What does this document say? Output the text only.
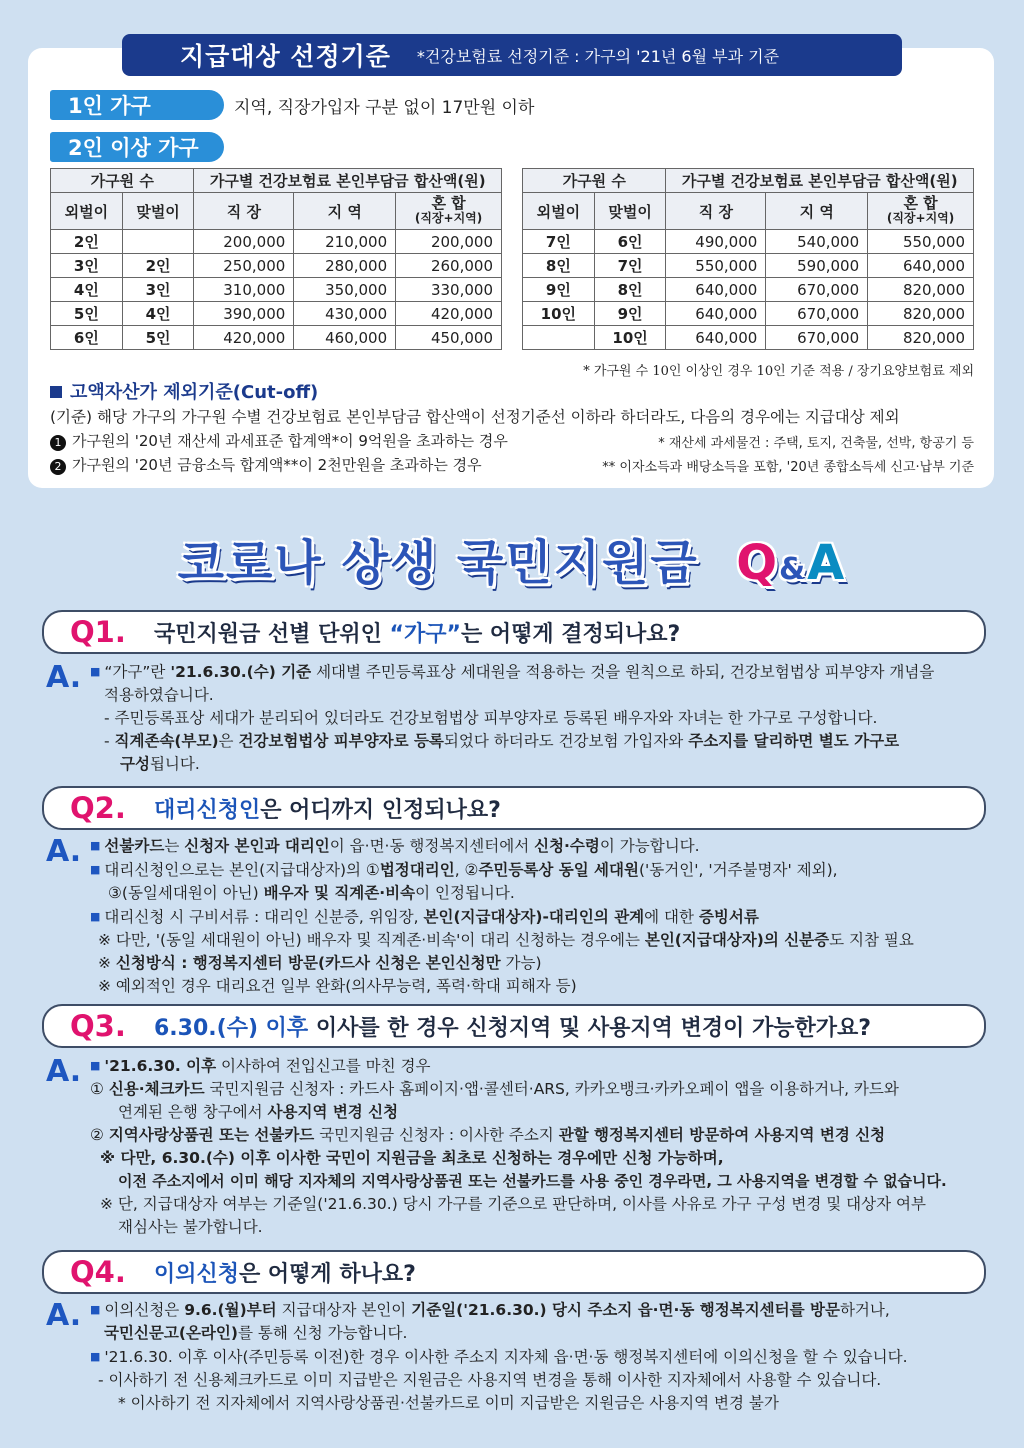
지급대상 선정기준 *건강보험료 선정기준 : 가구의 '21년 6월 부과 기준
1인 가구	지역, 직장가입자 구분 없이 17만원 이하
2인 이상 가구
가구원 수		가구별 건강보험료 본인부담금 합산액(원)		
외벌이	맞벌이	직 장	지 역	혼 합
(직장+지역)

2인		200,000	210,000	200,000
3인	2인	250,000	280,000	260,000
4인	3인	310,000	350,000	330,000
5인	4인	390,000	430,000	420,000
6인	5인	420,000	460,000	450,000
가구원 수		가구별 건강보험료 본인부담금 합산액(원)		
외벌이	맞벌이	직 장	지 역	혼 합
(직장+지역)

7인	6인	490,000	540,000	550,000
8인	7인	550,000	590,000	640,000
9인	8인	640,000	670,000	820,000
10인	9인	640,000	670,000	820,000
	10인	640,000	670,000	820,000
* 가구원 수 10인 이상인 경우 10인 기준 적용 / 장기요양보험료 제외
고액자산가 제외기준(Cut-off)
(기준) 해당 가구의 가구원 수별 건강보험료 본인부담금 합산액이 선정기준선 이하라 하더라도, 다음의 경우에는 지급대상 제외
1 가구원의 '20년 재산세 과세표준 합계액*이 9억원을 초과하는 경우	* 재산세 과세물건 : 주택, 토지, 건축물, 선박, 항공기 등
2 가구원의 '20년 금융소득 합계액**이 2천만원을 초과하는 경우	** 이자소득과 배당소득을 포함, '20년 종합소득세 신고·납부 기준
코로나 상생 국민지원금 Q&A
Q1.	국민지원금 선별 단위인 “가구”는 어떻게 결정되나요?
A. ■ “가구”란 '21.6.30.(수) 기준 세대별 주민등록표상 세대원을 적용하는 것을 원칙으로 하되, 건강보험법상 피부양자 개념을
적용하였습니다.
- 주민등록표상 세대가 분리되어 있더라도 건강보험법상 피부양자로 등록된 배우자와 자녀는 한 가구로 구성합니다.
- 직계존속(부모)은 건강보험법상 피부양자로 등록되었다 하더라도 건강보험 가입자와 주소지를 달리하면 별도 가구로
구성됩니다.
Q2.	대리신청인은 어디까지 인정되나요?
A. ■ 선불카드는 신청자 본인과 대리인이 읍·면·동 행정복지센터에서 신청·수령이 가능합니다.
■ 대리신청인으로는 본인(지급대상자)의 ①법정대리인, ②주민등록상 동일 세대원('동거인', '거주불명자' 제외),
③(동일세대원이 아닌) 배우자 및 직계존·비속이 인정됩니다.
■ 대리신청 시 구비서류 : 대리인 신분증, 위임장, 본인(지급대상자)-대리인의 관계에 대한 증빙서류
※ 다만, '(동일 세대원이 아닌) 배우자 및 직계존·비속'이 대리 신청하는 경우에는 본인(지급대상자)의 신분증도 지참 필요
※ 신청방식 : 행정복지센터 방문(카드사 신청은 본인신청만 가능)
※ 예외적인 경우 대리요건 일부 완화(의사무능력, 폭력·학대 피해자 등)
Q3.	6.30.(수) 이후 이사를 한 경우 신청지역 및 사용지역 변경이 가능한가요?
A. ■ '21.6.30. 이후 이사하여 전입신고를 마친 경우
① 신용·체크카드 국민지원금 신청자 : 카드사 홈페이지·앱·콜센터·ARS, 카카오뱅크·카카오페이 앱을 이용하거나, 카드와
연계된 은행 창구에서 사용지역 변경 신청
② 지역사랑상품권 또는 선불카드 국민지원금 신청자 : 이사한 주소지 관할 행정복지센터 방문하여 사용지역 변경 신청
※ 다만, 6.30.(수) 이후 이사한 국민이 지원금을 최초로 신청하는 경우에만 신청 가능하며,
이전 주소지에서 이미 해당 지자체의 지역사랑상품권 또는 선불카드를 사용 중인 경우라면, 그 사용지역을 변경할 수 없습니다.
※ 단, 지급대상자 여부는 기준일('21.6.30.) 당시 가구를 기준으로 판단하며, 이사를 사유로 가구 구성 변경 및 대상자 여부
재심사는 불가합니다.
Q4.	이의신청은 어떻게 하나요?
A. ■ 이의신청은 9.6.(월)부터 지급대상자 본인이 기준일('21.6.30.) 당시 주소지 읍·면·동 행정복지센터를 방문하거나,
국민신문고(온라인)를 통해 신청 가능합니다.
■ '21.6.30. 이후 이사(주민등록 이전)한 경우 이사한 주소지 지자체 읍·면·동 행정복지센터에 이의신청을 할 수 있습니다.
- 이사하기 전 신용체크카드로 이미 지급받은 지원금은 사용지역 변경을 통해 이사한 지자체에서 사용할 수 있습니다.
* 이사하기 전 지자체에서 지역사랑상품권·선불카드로 이미 지급받은 지원금은 사용지역 변경 불가
